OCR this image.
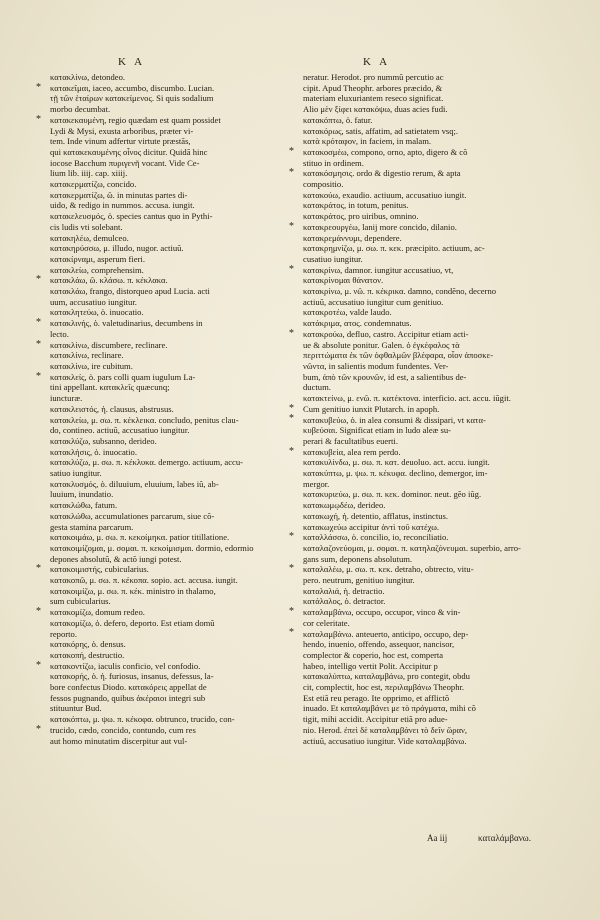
K A	K A
κατακλίνω, detondeo.
* κατακεῖμαι, iaceo, accumbo, discumbo. Lucian.
τῇ τῶν ἑταίρων κατακείμενος. Si quis sodalium
morbo decumbat.
* κατακεκαυμένη, regio quædam est quam possidet
Lydi & Mysi, exusta arboribus, præter vi-
tem. Inde vinum adfertur virtute præstās,
qui κατακεκαυμένης οἶνος dicitur. Quidā hinc
iocose Bacchum πυριγενῆ vocant. Vide Ce-
lium lib. iiij. cap. xiiij.
κατακερματίζω, concido.
κατακερματίζω, ῶ. in minutas partes di-
uido, & redigo in nummos. accusa. iungit.
κατακελευσμός, ὁ. species cantus quo in Pythi-
cis ludis vti solebant.
κατακηλέω, demulceo.
κατακηρύσσω, μ. illudo, nugor. actiuũ.
κατακίρναμι, asperum fieri.
κατακλείω, comprehensim.
* κατακλάω, ῶ. κλάσω. π. κέκλακα.
κατακλάω, frango, distorqueo apud Lucia. acti
uum, accusatiuo iungitur.
κατακλητεύω, ὁ. inuocatio.
* κατακλινής, ὁ. valetudinarius, decumbens in
lecto.
* κατακλίνω, discumbere, reclinare.
κατακλίνω, reclinare.
κατακλίνω, ire cubitum.
* κατακλείς, ὁ. pars colli quam iugulum La-
tini appellant. κατακλεῖς quæcunq;
iuncturæ.
κατακλειστός, ἡ. clausus, abstrusus.
κατακλείω, μ. σω. π. κέκλεικα. concludo, penitus clau-
do, contineo. actiuũ, accusatiuo iungitur.
κατακλύζω, subsanno, derideo.
κατακλήσις, ὁ. inuocatio.
κατακλύζω, μ. σω. π. κέκλυκα. demergo. actiuum, accu-
satiuo iungitur.
κατακλυσμός, ὁ. diluuium, eluuium, labes iũ, ab-
luuium, inundatio.
κατακλώθω, fatum.
κατακλώθω, accumulationes parcarum, siue cõ-
gesta stamina parcarum.
κατακοιμάω, μ. σω. π. κεκοίμηκα. patior titillatione.
κατακοιμίζομαι, μ. σομαι. π. κεκοίμισμαι. dormio, edormio
depones absolutũ, & actõ iungi potest.
* κατακοιμιστής, cubicularius.
κατακοπῶ, μ. σω. π. κέκοπα. sopio. act. accusa. iungit.
κατακοιμίζω, μ. σω. π. κέκ. ministro in thalamo,
sum cubicularius.
* κατακομίζω, domum redeo.
κατακομίζω, ὁ. defero, deporto. Est etiam domũ
reporto.
κατακόρης, ὁ. densus.
κατακοπή, destructio.
* κατακοντίζω, iaculis conficio, vel confodio.
κατακορής, ὁ. ἡ. furiosus, insanus, defessus, la-
bore confectus Diodo. κατακόρεις appellat de
fessos pugnando, quibus ἀκέραιοι integri sub
stituuntur Bud.
κατακόπτω, μ. ψω. π. κέκοφα. obtrunco, trucido, con-
* trucido, cædo, concido, contundo, cum res
aut homo minutatim discerpitur aut vul-
neratur. Herodot. pro nummũ percutio ac
cipit. Apud Theophr. arbores præcido, &
materiam eluxuriantem reseco significat.
Alio μὲν ξίφει κατακόψω, duas acies fudi.
κατακόπτω, ὁ. fatur.
κατακόρως, satis, affatim, ad satietatem vsq;.
κατὰ κρόταφον, in faciem, in malam.
* κατακοσμέω, compono, orno, apto, digero & cõ
stituo in ordinem.
* κατακόσμησις. ordo & digestio rerum, & apta
compositio.
κατακούω, exaudio. actiuum, accusatiuo iungit.
κατακράτος, in totum, penitus.
κατακράτος, pro uiribus, omnino.
* κατακρεουργέω, lanij more concido, dilanio.
κατακρεμάννυμι, dependere.
κατακρημνίζω, μ. σω. π. κεκ. præcipito. actiuum, ac-
cusatiuo iungitur.
* κατακρίνω, damnor. iungitur accusatiuo, vt,
κατακρίνομαι θάνατον.
κατακρίνω, μ. νῶ. π. κέκρικα. damno, condẽno, decerno
actiuũ, accusatiuo iungitur cum genitiuo.
κατακροτέω, valde laudo.
κατάκριμα, ατος. condemnatus.
* κατακρούω, defluo, castro. Accipitur etiam acti-
ue & absolute ponitur. Galen. ὁ ἐγκέφαλος τὰ
περιττώματα ἐκ τῶν ὀφθαλμῶν βλέφαρα, οἷον ἀποσκε-
νῶντα, in salientis modum fundentes. Ver-
bum, ἀπὸ τῶν κρουνῶν, id est, a salientibus de-
ductum.
κατακτείνω, μ. ενῶ. π. κατέκτονα. interficio. act. accu. iūgit.
* Cum genitiuo iunxit Plutarch. in apoph.
* κατακυβεύω, ὁ. in alea consumi & dissipari, vt κατα-
κυβεύσαι. Significat etiam in ludo aleæ su-
perari & facultatibus euerti.
* κατακυβεία, alea rem perdo.
κατακυλίνδω, μ. σω. π. κατ. deuoluo. act. accu. iungit.
κατακύπτω, μ. ψω. π. κέκυφα. declino, demergor, im-
mergor.
κατακυριεύω, μ. σω. π. κεκ. dominor. neut. gẽo iũg.
κατακωμῳδέω, derideo.
κατακωχή, ἡ. detentio, afflatus, instinctus.
κατακωχεύω accipitur ἀντὶ τοῦ κατέχω.
* καταλλάσσω, ὁ. concilio, io, reconciliatio.
καταλαζονεύομαι, μ. σομαι. π. κατηλαζόνευμαι. superbio, arro-
gans sum, deponens absolutum.
* καταλαλέω, μ. σω. π. κεκ. detraho, obtrecto, vitu-
pero. neutrum, genitiuo iungitur.
καταλαλιά, ἡ. detractio.
κατάλαλος, ὁ. detractor.
* καταλαμβάνω, occupo, occupor, vinco & vin-
cor celeritate.
* καταλαμβάνω. anteuerto, anticipo, occupo, dep-
hendo, inuenio, offendo, assequor, nancisor,
complector & coperio, hoc est, comperta
habeo, intelligo vertit Polit. Accipitur p
κατακαλύπτω, καταλαμβάνω, pro contegit, obdu
cit, complectit, hoc est, περιλαμβάνω Theophr.
Est etiã reu perago. Ite opprimo, et afflictõ
inuado. Et καταλαμβάνει με τὸ πράγματα, mihi cõ
tigit, mihi accidit. Accipitur etiã pro adue-
nio. Herod. ἐπεὶ δὲ καταλαμβάνει τὸ δεῖν ὥραν,
actiuũ, accusatiuo iungitur. Vide καταλαμβάνω.
Aa iij	καταλάμβανω.
